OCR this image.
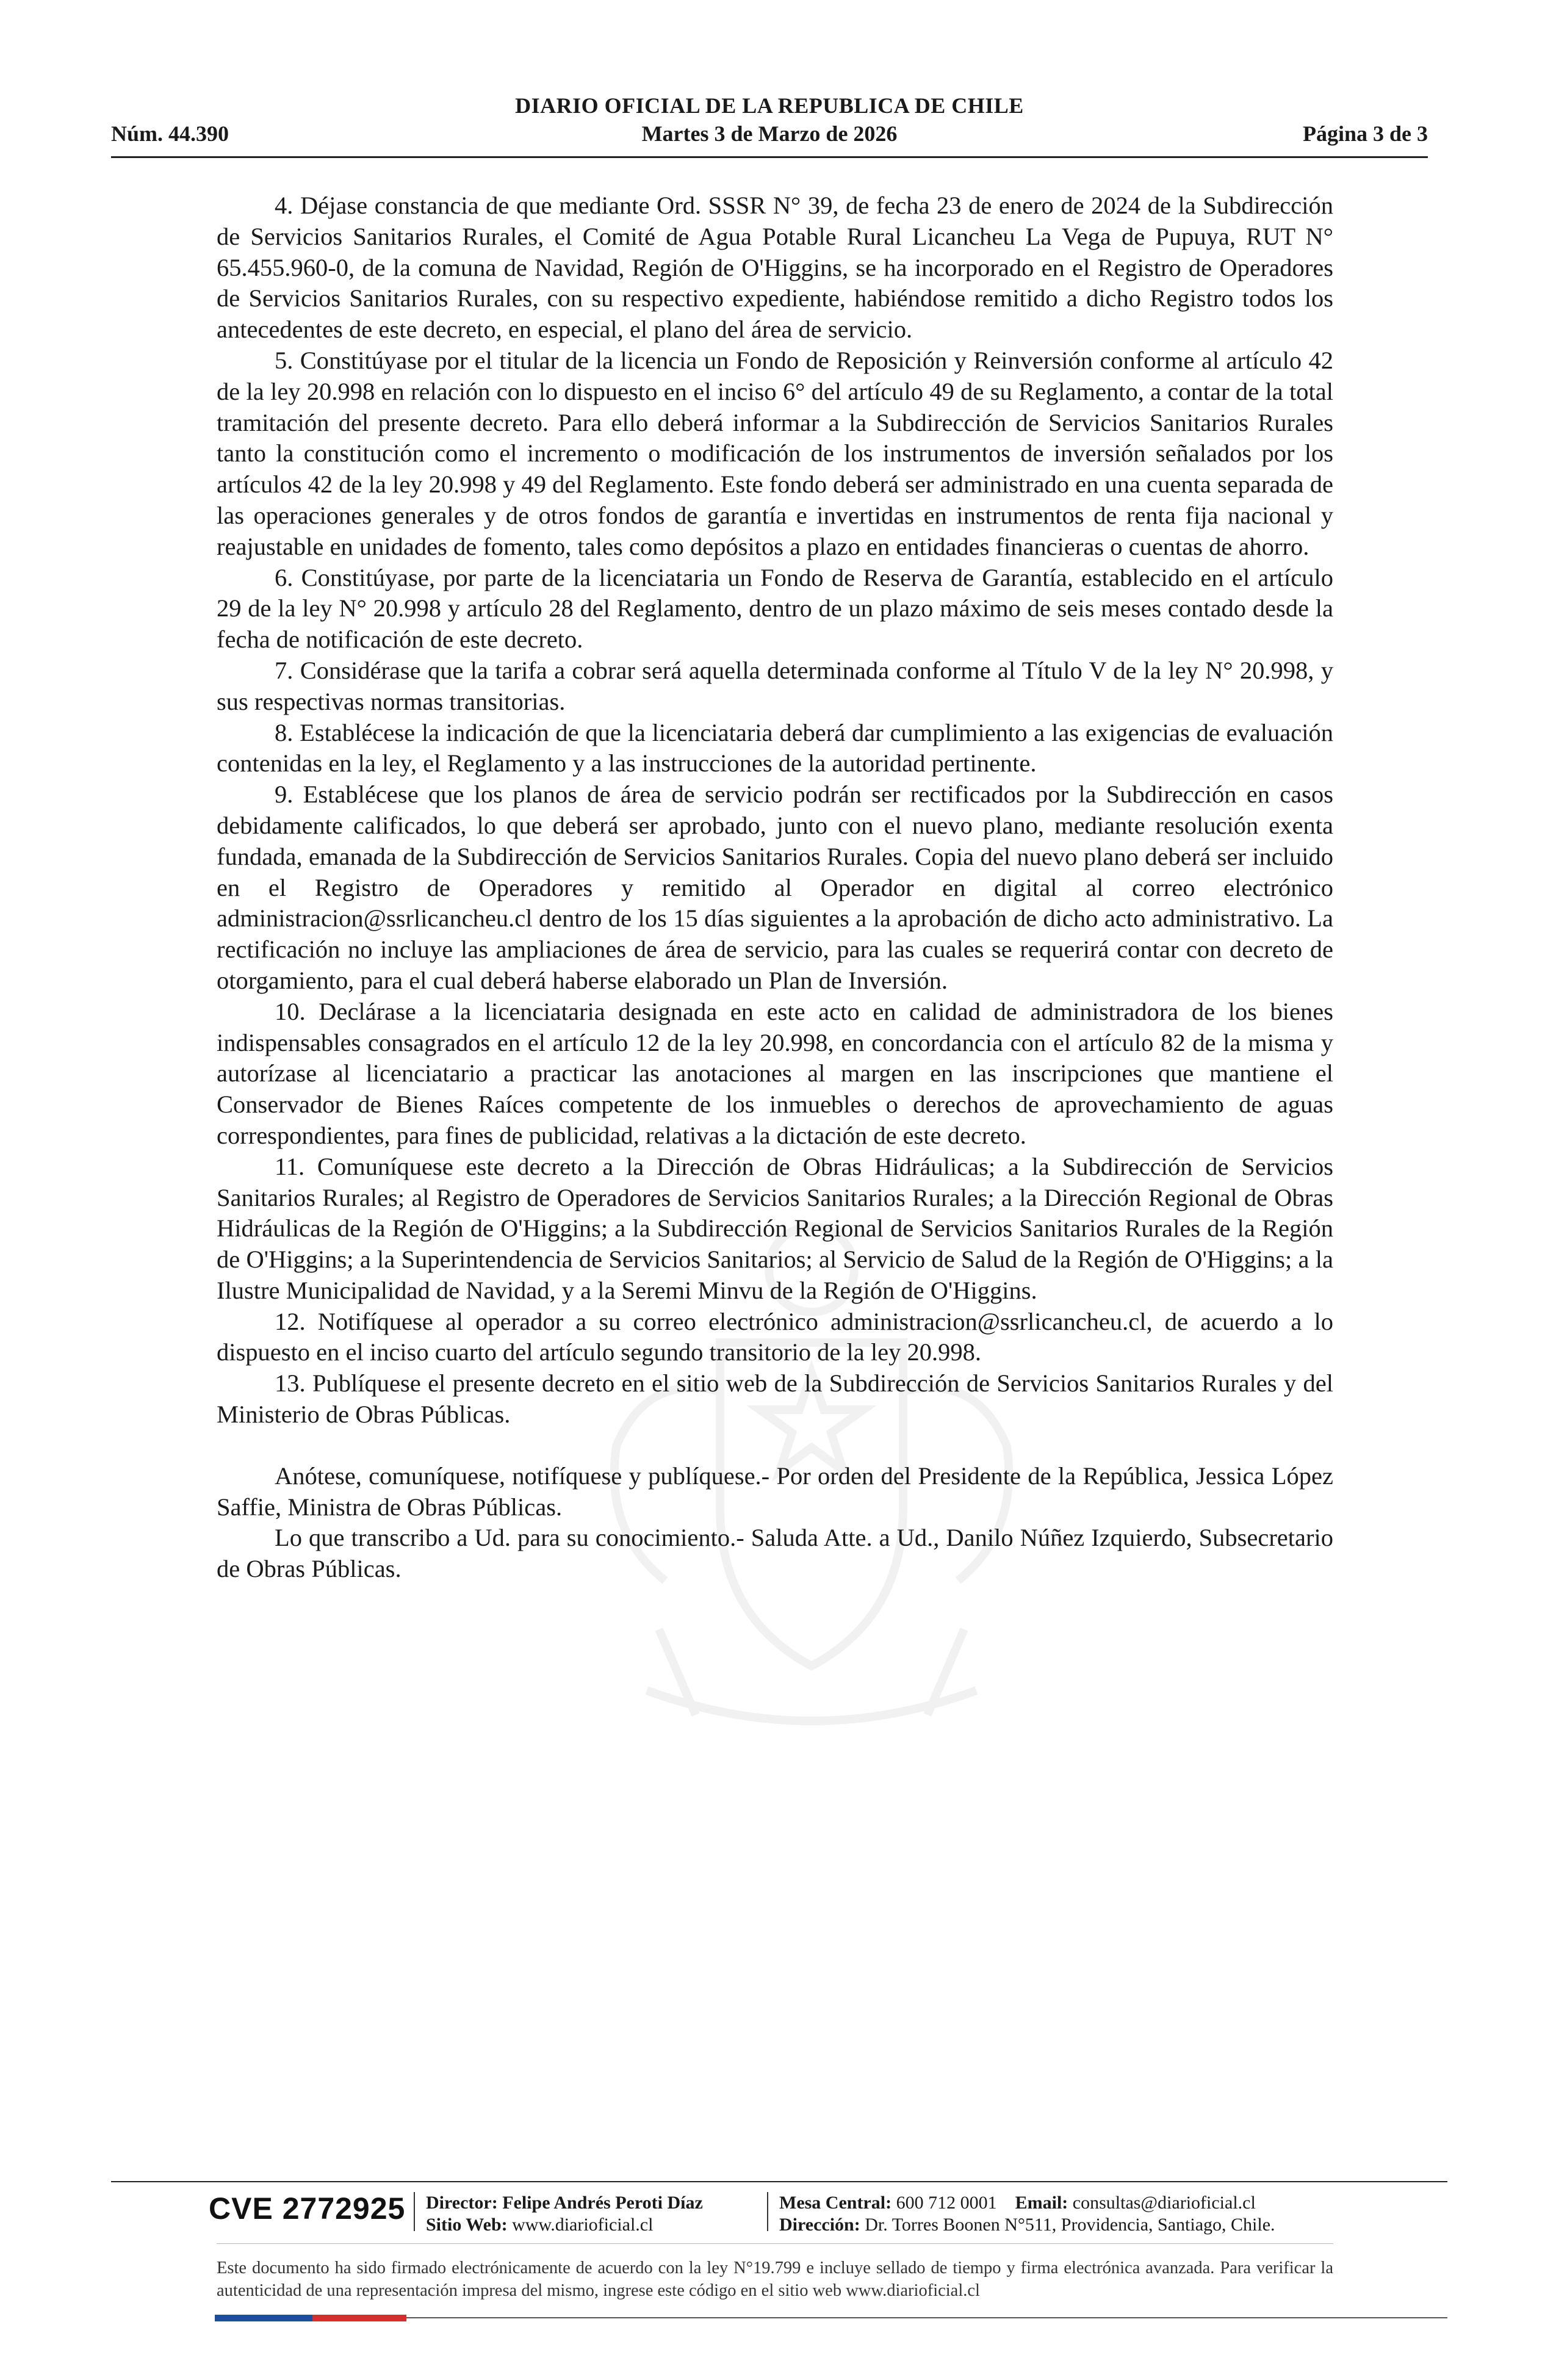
DIARIO OFICIAL DE LA REPUBLICA DE CHILE
Núm. 44.390	Martes 3 de Marzo de 2026	Página 3 de 3

4. Déjase constancia de que mediante Ord. SSSR N° 39, de fecha 23 de enero de 2024 de la Subdirección de Servicios Sanitarios Rurales, el Comité de Agua Potable Rural Licancheu La Vega de Pupuya, RUT N° 65.455.960-0, de la comuna de Navidad, Región de O'Higgins, se ha incorporado en el Registro de Operadores de Servicios Sanitarios Rurales, con su respectivo expediente, habiéndose remitido a dicho Registro todos los antecedentes de este decreto, en especial, el plano del área de servicio.

5. Constitúyase por el titular de la licencia un Fondo de Reposición y Reinversión conforme al artículo 42 de la ley 20.998 en relación con lo dispuesto en el inciso 6° del artículo 49 de su Reglamento, a contar de la total tramitación del presente decreto. Para ello deberá informar a la Subdirección de Servicios Sanitarios Rurales tanto la constitución como el incremento o modificación de los instrumentos de inversión señalados por los artículos 42 de la ley 20.998 y 49 del Reglamento. Este fondo deberá ser administrado en una cuenta separada de las operaciones generales y de otros fondos de garantía e invertidas en instrumentos de renta fija nacional y reajustable en unidades de fomento, tales como depósitos a plazo en entidades financieras o cuentas de ahorro.

6. Constitúyase, por parte de la licenciataria un Fondo de Reserva de Garantía, establecido en el artículo 29 de la ley N° 20.998 y artículo 28 del Reglamento, dentro de un plazo máximo de seis meses contado desde la fecha de notificación de este decreto.

7. Considérase que la tarifa a cobrar será aquella determinada conforme al Título V de la ley N° 20.998, y sus respectivas normas transitorias.

8. Establécese la indicación de que la licenciataria deberá dar cumplimiento a las exigencias de evaluación contenidas en la ley, el Reglamento y a las instrucciones de la autoridad pertinente.

9. Establécese que los planos de área de servicio podrán ser rectificados por la Subdirección en casos debidamente calificados, lo que deberá ser aprobado, junto con el nuevo plano, mediante resolución exenta fundada, emanada de la Subdirección de Servicios Sanitarios Rurales. Copia del nuevo plano deberá ser incluido en el Registro de Operadores y remitido al Operador en digital al correo electrónico administracion@ssrlicancheu.cl dentro de los 15 días siguientes a la aprobación de dicho acto administrativo. La rectificación no incluye las ampliaciones de área de servicio, para las cuales se requerirá contar con decreto de otorgamiento, para el cual deberá haberse elaborado un Plan de Inversión.

10. Declárase a la licenciataria designada en este acto en calidad de administradora de los bienes indispensables consagrados en el artículo 12 de la ley 20.998, en concordancia con el artículo 82 de la misma y autorízase al licenciatario a practicar las anotaciones al margen en las inscripciones que mantiene el Conservador de Bienes Raíces competente de los inmuebles o derechos de aprovechamiento de aguas correspondientes, para fines de publicidad, relativas a la dictación de este decreto.

11. Comuníquese este decreto a la Dirección de Obras Hidráulicas; a la Subdirección de Servicios Sanitarios Rurales; al Registro de Operadores de Servicios Sanitarios Rurales; a la Dirección Regional de Obras Hidráulicas de la Región de O'Higgins; a la Subdirección Regional de Servicios Sanitarios Rurales de la Región de O'Higgins; a la Superintendencia de Servicios Sanitarios; al Servicio de Salud de la Región de O'Higgins; a la Ilustre Municipalidad de Navidad, y a la Seremi Minvu de la Región de O'Higgins.

12. Notifíquese al operador a su correo electrónico administracion@ssrlicancheu.cl, de acuerdo a lo dispuesto en el inciso cuarto del artículo segundo transitorio de la ley 20.998.

13. Publíquese el presente decreto en el sitio web de la Subdirección de Servicios Sanitarios Rurales y del Ministerio de Obras Públicas.

Anótese, comuníquese, notifíquese y publíquese.- Por orden del Presidente de la República, Jessica López Saffie, Ministra de Obras Públicas.

Lo que transcribo a Ud. para su conocimiento.- Saluda Atte. a Ud., Danilo Núñez Izquierdo, Subsecretario de Obras Públicas.

CVE 2772925 Director: Felipe Andrés Peroti Díaz
Sitio Web: www.diarioficial.cl
Mesa Central: 600 712 0001 Email: consultas@diarioficial.cl
Dirección: Dr. Torres Boonen N°511, Providencia, Santiago, Chile.
Este documento ha sido firmado electrónicamente de acuerdo con la ley N°19.799 e incluye sellado de tiempo y firma electrónica avanzada. Para verificar la autenticidad de una representación impresa del mismo, ingrese este código en el sitio web www.diarioficial.cl
